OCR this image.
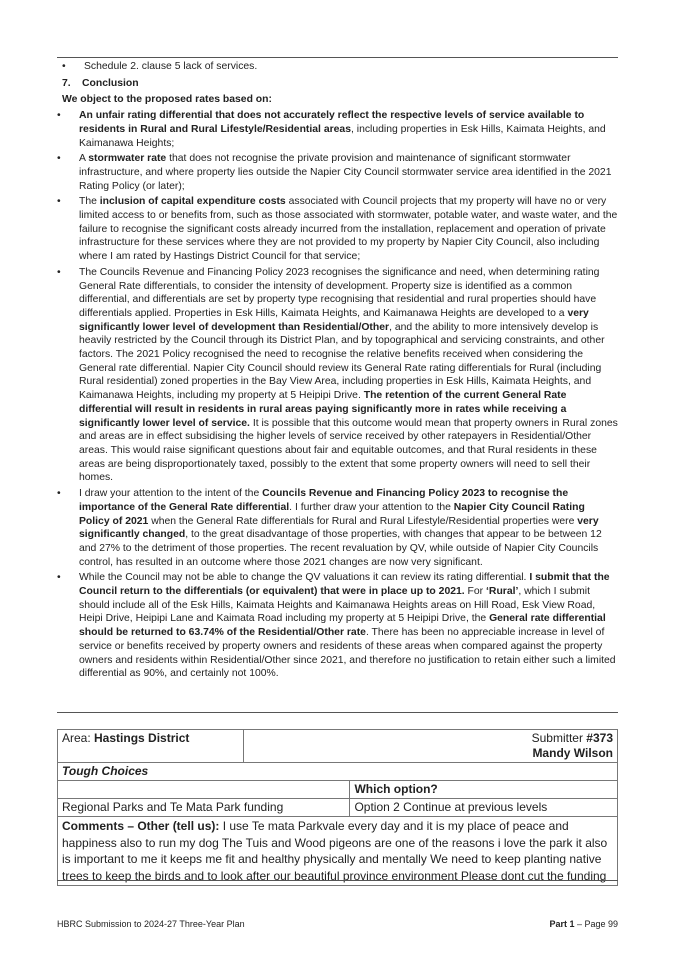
• Schedule 2. clause 5 lack of services.
7. Conclusion
We object to the proposed rates based on:
• An unfair rating differential that does not accurately reflect the respective levels of service available to residents in Rural and Rural Lifestyle/Residential areas, including properties in Esk Hills, Kaimata Heights, and Kaimanawa Heights;
• A stormwater rate that does not recognise the private provision and maintenance of significant stormwater infrastructure, and where property lies outside the Napier City Council stormwater service area identified in the 2021 Rating Policy (or later);
• The inclusion of capital expenditure costs associated with Council projects that my property will have no or very limited access to or benefits from, such as those associated with stormwater, potable water, and waste water, and the failure to recognise the significant costs already incurred from the installation, replacement and operation of private infrastructure for these services where they are not provided to my property by Napier City Council, also including where I am rated by Hastings District Council for that service;
• The Councils Revenue and Financing Policy 2023 recognises the significance and need, when determining rating General Rate differentials, to consider the intensity of development. Property size is identified as a common differential, and differentials are set by property type recognising that residential and rural properties should have differentials applied. Properties in Esk Hills, Kaimata Heights, and Kaimanawa Heights are developed to a very significantly lower level of development than Residential/Other, and the ability to more intensively develop is heavily restricted by the Council through its District Plan, and by topographical and servicing constraints, and other factors. The 2021 Policy recognised the need to recognise the relative benefits received when considering the General rate differential. Napier City Council should review its General Rate rating differentials for Rural (including Rural residential) zoned properties in the Bay View Area, including properties in Esk Hills, Kaimata Heights, and Kaimanawa Heights, including my property at 5 Heipipi Drive. The retention of the current General Rate differential will result in residents in rural areas paying significantly more in rates while receiving a significantly lower level of service. It is possible that this outcome would mean that property owners in Rural zones and areas are in effect subsidising the higher levels of service received by other ratepayers in Residential/Other areas. This would raise significant questions about fair and equitable outcomes, and that Rural residents in these areas are being disproportionately taxed, possibly to the extent that some property owners will need to sell their homes.
• I draw your attention to the intent of the Councils Revenue and Financing Policy 2023 to recognise the importance of the General Rate differential. I further draw your attention to the Napier City Council Rating Policy of 2021 when the General Rate differentials for Rural and Rural Lifestyle/Residential properties were very significantly changed, to the great disadvantage of those properties, with changes that appear to be between 12 and 27% to the detriment of those properties. The recent revaluation by QV, while outside of Napier City Councils control, has resulted in an outcome where those 2021 changes are now very significant.
• While the Council may not be able to change the QV valuations it can review its rating differential. I submit that the Council return to the differentials (or equivalent) that were in place up to 2021. For ‘Rural’, which I submit should include all of the Esk Hills, Kaimata Heights and Kaimanawa Heights areas on Hill Road, Esk View Road, Heipi Drive, Heipipi Lane and Kaimata Road including my property at 5 Heipipi Drive, the General rate differential should be returned to 63.74% of the Residential/Other rate. There has been no appreciable increase in level of service or benefits received by property owners and residents of these areas when compared against the property owners and residents within Residential/Other since 2021, and therefore no justification to retain either such a limited differential as 90%, and certainly not 100%.
Area: Hastings District	Submitter #373
Mandy Wilson	
Tough Choices		
		Which option?
Regional Parks and Te Mata Park funding		Option 2 Continue at previous levels
Comments – Other (tell us): I use Te mata Parkvale every day and it is my place of peace and happiness also to run my dog The Tuis and Wood pigeons are one of the reasons i love the park it also is important to me it keeps me fit and healthy physically and mentally We need to keep planting native trees to keep the birds and to look after our beautiful province environment Please dont cut the funding		
HBRC Submission to 2024-27 Three-Year Plan	Part 1 – Page 99
